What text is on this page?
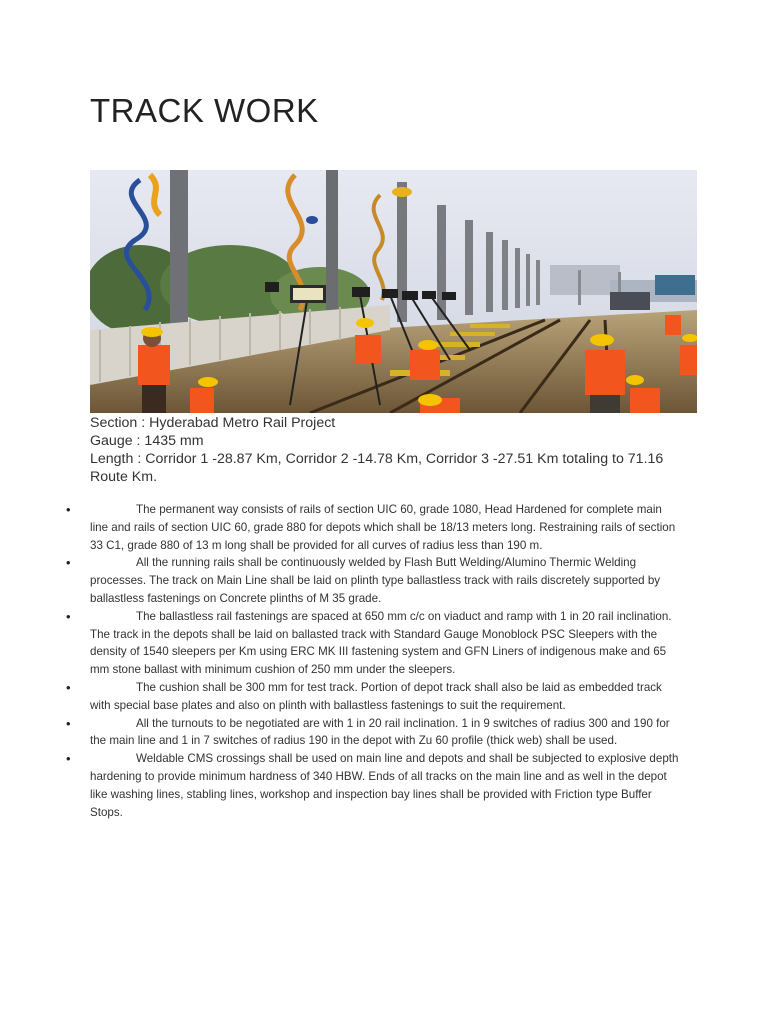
TRACK WORK
Section : Hyderabad Metro Rail Project
Gauge : 1435 mm
Length : Corridor 1 -28.87 Km, Corridor 2 -14.78 Km, Corridor 3 -27.51 Km totaling to 71.16 Route Km.
•	The permanent way consists of rails of section UIC 60, grade 1080, Head Hardened for complete main line and rails of section UIC 60, grade 880 for depots which shall be 18/13 meters long. Restraining rails of section 33 C1, grade 880 of 13 m long shall be provided for all curves of radius less than 190 m.
•	All the running rails shall be continuously welded by Flash Butt Welding/Alumino Thermic Welding processes. The track on Main Line shall be laid on plinth type ballastless track with rails discretely supported by ballastless fastenings on Concrete plinths of M 35 grade.
•	The ballastless rail fastenings are spaced at 650 mm c/c on viaduct and ramp with 1 in 20 rail inclination. The track in the depots shall be laid on ballasted track with Standard Gauge Monoblock PSC Sleepers with the density of 1540 sleepers per Km using ERC MK III fastening system and GFN Liners of indigenous make and 65 mm stone ballast with minimum cushion of 250 mm under the sleepers.
•	The cushion shall be 300 mm for test track. Portion of depot track shall also be laid as embedded track with special base plates and also on plinth with ballastless fastenings to suit the requirement.
•	All the turnouts to be negotiated are with 1 in 20 rail inclination. 1 in 9 switches of radius 300 and 190 for the main line and 1 in 7 switches of radius 190 in the depot with Zu 60 profile (thick web) shall be used.
•	Weldable CMS crossings shall be used on main line and depots and shall be subjected to explosive depth hardening to provide minimum hardness of 340 HBW. Ends of all tracks on the main line and as well in the depot like washing lines, stabling lines, workshop and inspection bay lines shall be provided with Friction type Buffer Stops.
